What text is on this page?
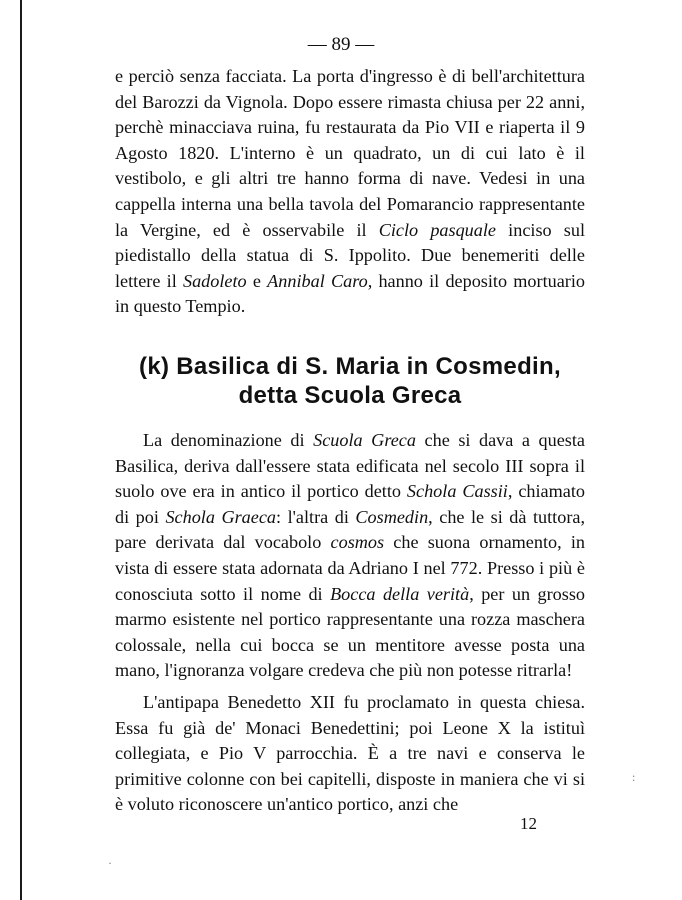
— 89 —

e perciò senza facciata. La porta d'ingresso è di bell'architettura del Barozzi da Vignola. Dopo essere rimasta chiusa per 22 anni, perchè minacciava ruina, fu restaurata da Pio VII e riaperta il 9 Agosto 1820. L'interno è un quadrato, un di cui lato è il vestibolo, e gli altri tre hanno forma di nave. Vedesi in una cappella interna una bella tavola del Pomarancio rappresentante la Vergine, ed è osservabile il Ciclo pasquale inciso sul piedistallo della statua di S. Ippolito. Due benemeriti delle lettere il Sadoleto e Annibal Caro, hanno il deposito mortuario in questo Tempio.

(k) Basilica di S. Maria in Cosmedin,
detta Scuola Greca

La denominazione di Scuola Greca che si dava a questa Basilica, deriva dall'essere stata edificata nel secolo III sopra il suolo ove era in antico il portico detto Schola Cassii, chiamato di poi Schola Graeca: l'altra di Cosmedin, che le si dà tuttora, pare derivata dal vocabolo cosmos che suona ornamento, in vista di essere stata adornata da Adriano I nel 772. Presso i più è conosciuta sotto il nome di Bocca della verità, per un grosso marmo esistente nel portico rappresentante una rozza maschera colossale, nella cui bocca se un mentitore avesse posta una mano, l'ignoranza volgare credeva che più non potesse ritrarla!

L'antipapa Benedetto XII fu proclamato in questa chiesa. Essa fu già de' Monaci Benedettini; poi Leone X la istituì collegiata, e Pio V parrocchia. È a tre navi e conserva le primitive colonne con bei capitelli, disposte in maniera che vi si è voluto riconoscere un'antico portico, anzi che

12
:
·
